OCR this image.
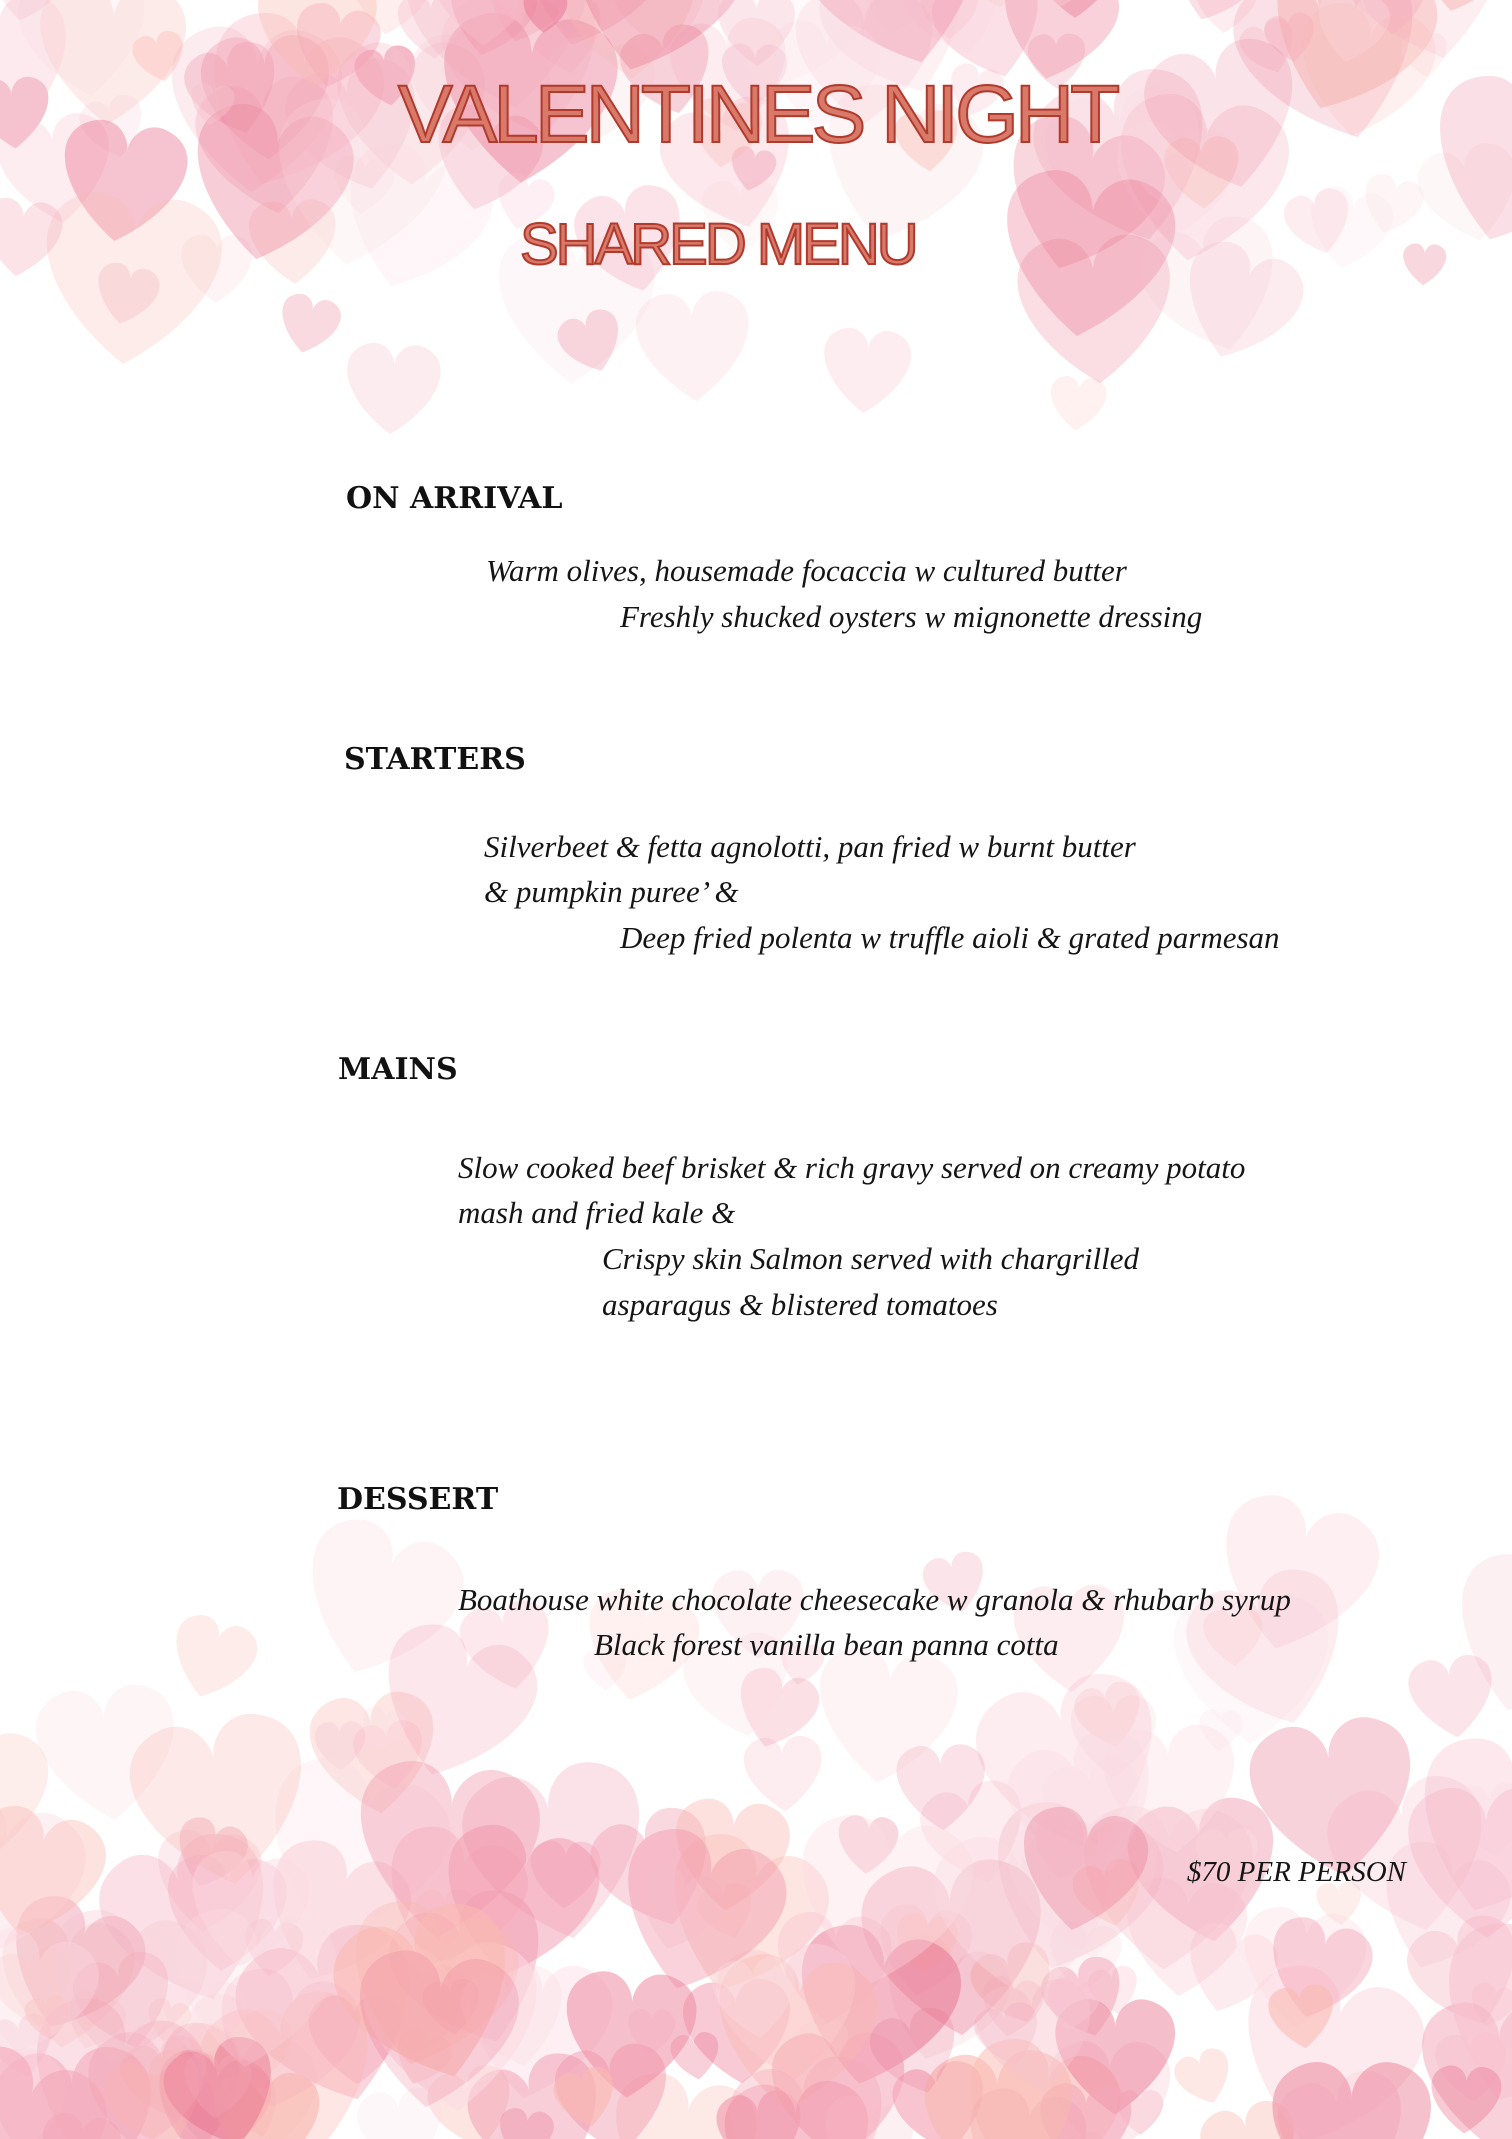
VALENTINES NIGHT
SHARED MENU
ON ARRIVAL

Warm olives, housemade focaccia w cultured butter

Freshly shucked oysters w mignonette dressing

STARTERS

Silverbeet & fetta agnolotti, pan fried w burnt butter

& pumpkin puree’ &

Deep fried polenta w truffle aioli & grated parmesan

MAINS

Slow cooked beef brisket & rich gravy served on creamy potato

mash and fried kale &

Crispy skin Salmon served with chargrilled

asparagus & blistered tomatoes

DESSERT

Boathouse white chocolate cheesecake w granola & rhubarb syrup

Black forest vanilla bean panna cotta

$70 PER PERSON
